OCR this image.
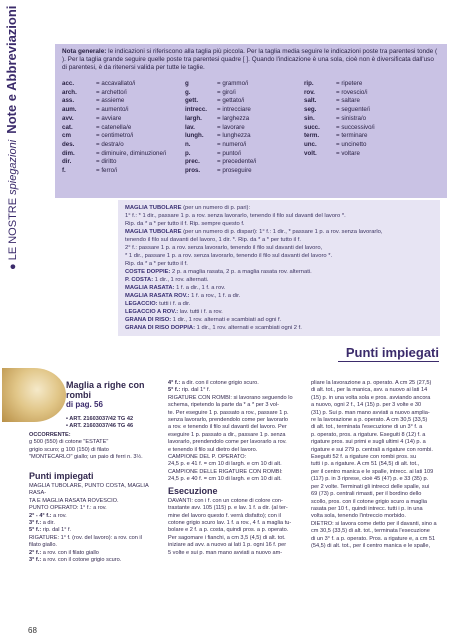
● LE NOSTRE spiegazioni  Note e Abbreviazioni	Nota generale: le indicazioni si riferiscono alla taglia più piccola. Per la taglia media seguire le indicazioni poste tra parentesi tonde ( ). Per la taglia grande seguire quelle poste tra parentesi quadre [ ]. Quando l'indicazione è una sola, cioè non è diversificata dall'uso di parentesi, è da ritenersi valida per tutte le taglie.

acc.	= accavallato/i
arch.	= archetto/i
ass.	= assieme
aum.	= aumento/i
avv.	= avviare
cat.	= catenella/e
cm	= centimetro/i
des.	= destra/o
dim.	= diminuire, diminuzione/i
dir.	= diritto
f.	= ferro/i
g	= grammo/i
g.	= giro/i
gett.	= gettato/i
intrecc. = intrecciare
largh. = larghezza
lav.	= lavorare
lungh. = lunghezza
n.	= numero/i
p.	= punto/i
prec.	= precedente/i
pros.	= proseguire
rip.	= ripetere
rov.	= rovescio/i
salt.	= saltare
seg.	= seguente/i
sin.	= sinistra/o
succ.	= successivo/i
term.	= terminare
unc.	= uncinetto
volt.	= voltare
MAGLIA TUBOLARE (per un numero di p. pari):
1° f.: * 1 dir., passare 1 p. a rov. senza lavorarlo, tenendo il filo sul davanti del lavoro *.
Rip. da * a * per tutto il f. Rip. sempre questo f.
MAGLIA TUBOLARE (per un numero di p. dispari): 1° f.: 1 dir., * passare 1 p. a rov. senza lavorarlo,
tenendo il filo sul davanti del lavoro, 1 dir. *. Rip. da * a * per tutto il f.
2° f.: passare 1 p. a rov. senza lavorarlo, tenendo il filo sul davanti del lavoro,
* 1 dir., passare 1 p. a rov. senza lavorarlo, tenendo il filo sul davanti del lavoro *.
Rip. da * a * per tutto il f.
COSTE DOPPIE: 2 p. a maglia rasata, 2 p. a maglia rasata rov. alternati.
P. COSTA: 1 dir., 1 rov. alternati.
MAGLIA RASATA: 1 f. a dir., 1 f. a rov.
MAGLIA RASATA ROV.: 1 f. a rov., 1 f. a dir.
LEGACCIO: tutti i f. a dir.
LEGACCIO A ROV.: lav. tutti i f. a rov.
GRANA DI RISO: 1 dir., 1 rov. alternati e scambiati ad ogni f.
GRANA DI RISO DOPPIA: 1 dir., 1 rov. alternati e scambiati ogni 2 f.
Punti impiegati
Maglia a righe con rombi
di pag. 56
• ART. 21603037/42 TG 42
• ART. 21603037/46 TG 46
OCCORRENTE:
g 500 (550) di cotone "ESTATE"
grigio scuro; g 100 (150) di filato
"MONTECARLO" giallo; un paio di ferri n. 3½.

Punti impiegati
MAGLIA TUBOLARE, PUNTO COSTA, MAGLIA RASA-
TA E MAGLIA RASATA ROVESCIO.
PUNTO OPERATO: 1° f.: a rov.
2° - 4° f.: a rov.
3° f.: a dir.
5° f.: rip. dal 1° f.
RIGATURE: 1° f. (rov. del lavoro): a rov. con il
filato giallo.
2° f.: a rov. con il filato giallo
3° f.: a rov. con il cotone grigio scuro.
4° f.: a dir. con il cotone grigio scuro.
5° f.: rip. dal 1° f.
RIGATURE CON ROMBI: si lavorano seguendo lo
schema, ripetendo la parte da * a * per 3 vol-
te. Per eseguire 1 p. passato a rov., passare 1 p.
senza lavorarlo, prendendolo come per lavorarlo
a rov. e tenendo il filo sul davanti del lavoro. Per
eseguire 1 p. passato a dir., passare 1 p. senza
lavorarlo, prendendolo come per lavorarlo a rov.
e tenendo il filo sul dietro del lavoro.
CAMPIONE DEL P. OPERATO:
24,5 p. e 41 f. = cm 10 di largh. e cm 10 di alt.
CAMPIONE DELLE RIGATURE CON ROMBI:
24,5 p. e 40 f. = cm 10 di largh. e cm 10 di alt.
Esecuzione
DAVANTI: con i f. con un cotone di colore con-
trastante avv. 105 (115) p. e lav. 1 f. a dir. (al ter-
mine del lavoro questo f. verrà disfatto); con il
cotone grigio scuro lav. 1 f. a rov., 4 f. a maglia tu-
bolare e 2 f. a p. costa, quindi pros. a p. operato.
Per sagomare i fianchi, a cm 3,5 (4,5) di alt. tot.
iniziare ad avv. a nuovo ai lati 1 p. ogni 16 f. per
5 volte e sui p. man mano avviati a nuovo am-
pliare la lavorazione a p. operato. A cm 25 (27,5)
di alt. tot., per la manica, avv. a nuovo ai lati 14
(15) p. in una volta sola e pros. avviando ancora
a nuovo, ogni 2 f., 14 (15) p. per 3 volte e 30
(31) p. Sui p. man mano avviati a nuovo amplia-
re la lavorazione a p. operato. A cm 30,5 (33,5)
di alt. tot., terminata l'esecuzione di un 3° f. a
p. operato, pros. a rigature. Eseguiti 8 (12) f. a
rigature pros. sui primi e sugli ultimi 4 (14) p. a
rigature e sui 279 p. centrali a rigature con rombi.
Eseguiti 52 f. a rigature con rombi pros. su
tutti i p. a rigature. A cm 51 (54,5) di alt. tot.,
per il centro manica e le spalle, intrecc. ai lati 109
(117) p. in 3 riprese, cioè 45 (47) p. e 33 (35) p.
per 2 volte. Terminati gli intrecci delle spalle, sui
69 (73) p. centrali rimasti, per il bordino dello
scollo, pros. con il cotone grigio scuro a maglia
rasata per 10 f., quindi intrecc. tutti i p. in una
volta sola, tenendo l'intreccio morbido.
DIETRO: si lavora come detto per il davanti, sino a
cm 30,5 (33,5) di alt. tot., terminata l'esecuzione
di un 3° f. a p. operato. Pros. a rigature e, a cm 51
(54,5) di alt. tot., per il centro manica e le spalle,
68
